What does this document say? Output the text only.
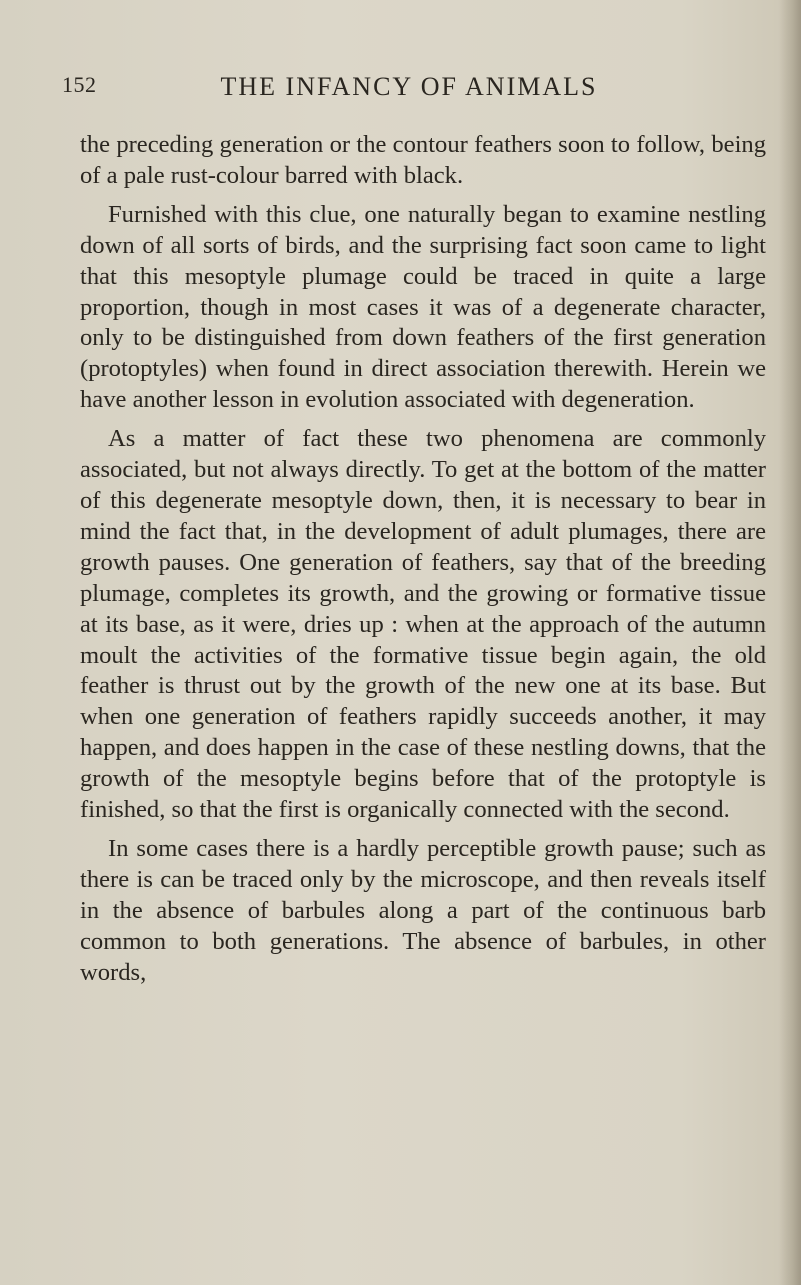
152	THE INFANCY OF ANIMALS

the preceding generation or the contour feathers soon to follow, being of a pale rust-colour barred with black.

Furnished with this clue, one naturally began to examine nestling down of all sorts of birds, and the surprising fact soon came to light that this mesoptyle plumage could be traced in quite a large proportion, though in most cases it was of a degenerate character, only to be distinguished from down feathers of the first generation (protoptyles) when found in direct association therewith. Herein we have another lesson in evolution associated with degeneration.

As a matter of fact these two phenomena are commonly associated, but not always directly. To get at the bottom of the matter of this degenerate mesoptyle down, then, it is necessary to bear in mind the fact that, in the development of adult plumages, there are growth pauses. One generation of feathers, say that of the breeding plumage, completes its growth, and the growing or formative tissue at its base, as it were, dries up : when at the approach of the autumn moult the activities of the formative tissue begin again, the old feather is thrust out by the growth of the new one at its base. But when one generation of feathers rapidly succeeds another, it may happen, and does happen in the case of these nestling downs, that the growth of the mesoptyle begins before that of the protoptyle is finished, so that the first is organically connected with the second.

In some cases there is a hardly perceptible growth pause; such as there is can be traced only by the microscope, and then reveals itself in the absence of barbules along a part of the continuous barb common to both generations. The absence of barbules, in other words,
